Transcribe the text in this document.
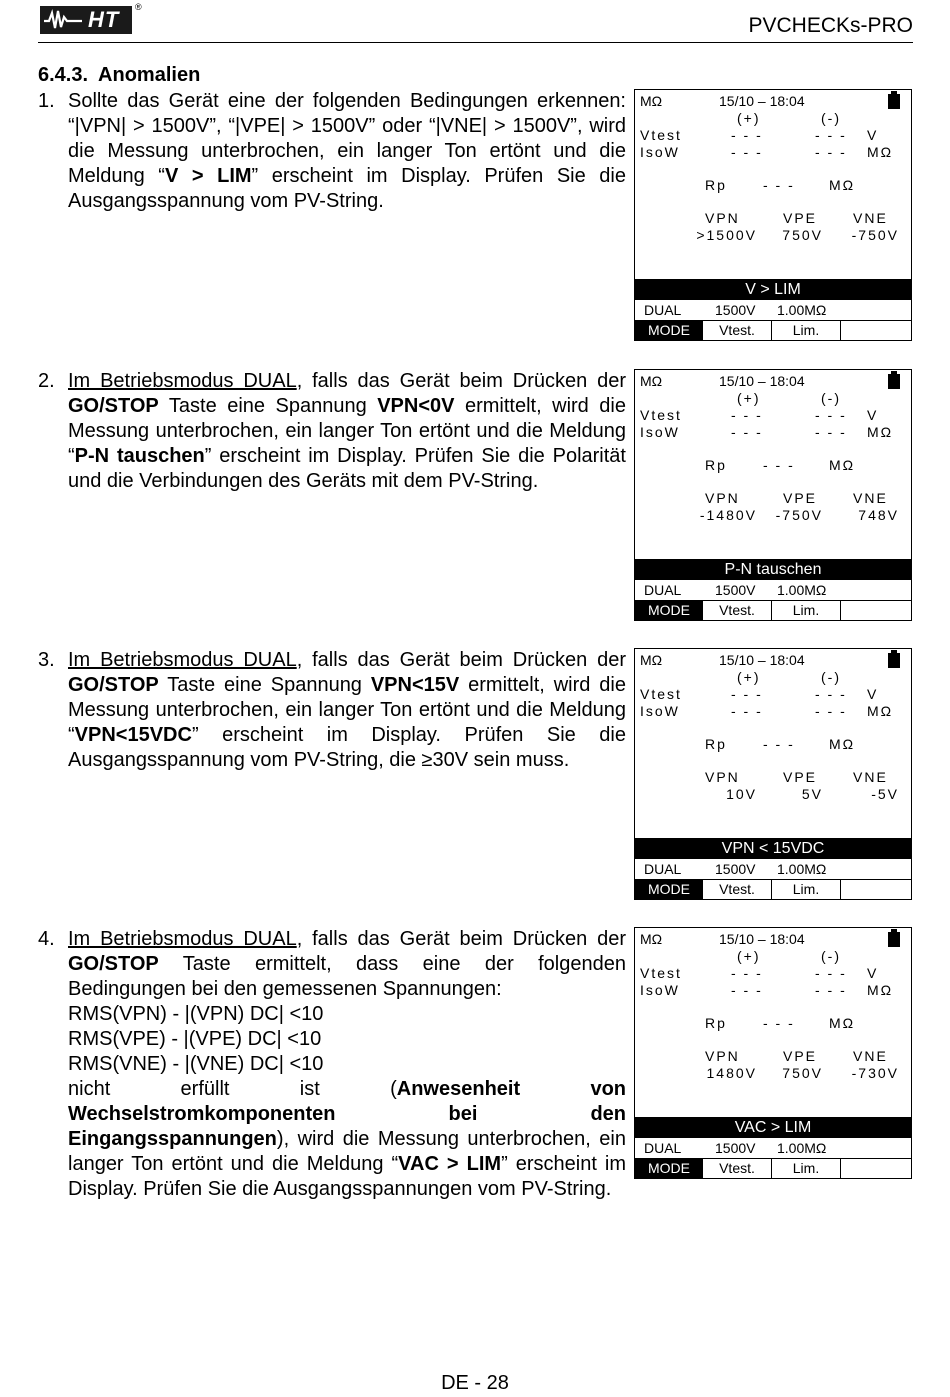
HT ®
PVCHECKs-PRO
6.4.3. Anomalien
1. Sollte das Gerät eine der folgenden Bedingungen erkennen: “|VPN| > 1500V”, “|VPE| > 1500V” oder “|VNE| > 1500V”, wird die Messung unterbrochen, ein langer Ton ertönt und die Meldung “V > LIM” erscheint im Display. Prüfen Sie die Ausgangsspannung vom PV-String.
2. Im Betriebsmodus DUAL, falls das Gerät beim Drücken der GO/STOP Taste eine Spannung VPN<0V ermittelt, wird die Messung unterbrochen, ein langer Ton ertönt und die Meldung “P-N tauschen” erscheint im Display. Prüfen Sie die Polarität und die Verbindungen des Geräts mit dem PV-String.
3. Im Betriebsmodus DUAL, falls das Gerät beim Drücken der GO/STOP Taste eine Spannung VPN<15V ermittelt, wird die Messung unterbrochen, ein langer Ton ertönt und die Meldung “VPN<15VDC” erscheint im Display. Prüfen Sie die Ausgangsspannung vom PV-String, die ≥30V sein muss.
4. Im Betriebsmodus DUAL, falls das Gerät beim Drücken der GO/STOP Taste ermittelt, dass eine der folgenden Bedingungen bei den gemessenen Spannungen:
RMS(VPN) - |(VPN) DC| <10
RMS(VPE) - |(VPE) DC| <10
RMS(VNE) - |(VNE) DC| <10
nicht erfüllt ist (Anwesenheit von Wechselstromkomponenten bei den Eingangsspannungen), wird die Messung unterbrochen, ein langer Ton ertönt und die Meldung “VAC > LIM” erscheint im Display. Prüfen Sie die Ausgangsspannungen vom PV-String.
MΩ	15/10 – 18:04
(+)	(-)
Vtest	- - -	- - - V
IsoW	- - -	- - - MΩ
Rp	- - - MΩ
VPN	VPE	VNE
>1500V 750V -750V
V > LIM
DUAL 1500V 1.00MΩ
MODE	Vtest.	Lim.
MΩ	15/10 – 18:04
(+)	(-)
Vtest	- - -	- - - V
IsoW	- - -	- - - MΩ
Rp	- - - MΩ
VPN	VPE	VNE
-1480V -750V	748V
P-N tauschen
DUAL 1500V 1.00MΩ
MODE	Vtest.	Lim.
MΩ	15/10 – 18:04
(+)	(-)
Vtest	- - -	- - - V
IsoW	- - -	- - - MΩ
Rp	- - - MΩ
VPN	VPE	VNE
10V	5V	-5V
VPN < 15VDC
DUAL 1500V 1.00MΩ
MODE	Vtest.	Lim.
MΩ	15/10 – 18:04
(+)	(-)
Vtest	- - -	- - - V
IsoW	- - -	- - - MΩ
Rp	- - - MΩ
VPN	VPE	VNE
1480V 750V -730V
VAC > LIM
DUAL 1500V 1.00MΩ
MODE	Vtest.	Lim.
DE - 28
